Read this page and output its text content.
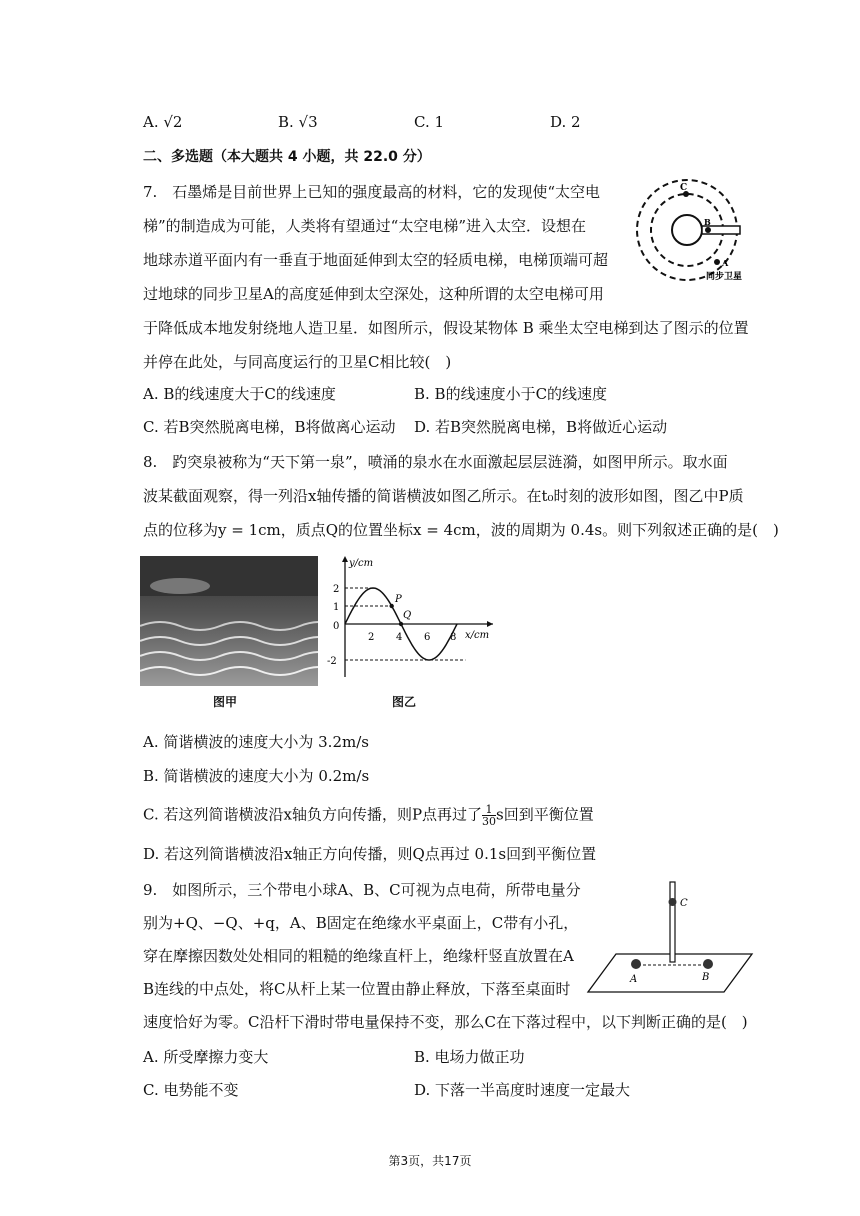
A. √2	B. √3	C. 1	D. 2
二、多选题（本大题共 4 小题，共 22.0 分）
7.　石墨烯是目前世界上已知的强度最高的材料，它的发现使“太空电
梯”的制造成为可能，人类将有望通过“太空电梯”进入太空．设想在
地球赤道平面内有一垂直于地面延伸到太空的轻质电梯，电梯顶端可超
过地球的同步卫星A的高度延伸到太空深处，这种所谓的太空电梯可用
于降低成本地发射绕地人造卫星．如图所示，假设某物体 B 乘坐太空电梯到达了图示的位置
并停在此处，与同高度运行的卫星C相比较(　)
C
B
A
同步卫星
A. B的线速度大于C的线速度	B. B的线速度小于C的线速度
C. 若B突然脱离电梯，B将做离心运动 D. 若B突然脱离电梯，B将做近心运动
8.　趵突泉被称为“天下第一泉”，喷涌的泉水在水面激起层层涟漪，如图甲所示。取水面
波某截面观察，得一列沿x轴传播的简谐横波如图乙所示。在t₀时刻的波形如图，图乙中P质
点的位移为y = 1cm，质点Q的位置坐标x = 4cm，波的周期为 0.4s。则下列叙述正确的是(　)
图甲
y/cm
x/cm
2
1
0
-2
2 4 6 8
P
Q
图乙
A. 简谐横波的速度大小为 3.2m/s
B. 简谐横波的速度大小为 0.2m/s
C. 若这列简谐横波沿x轴负方向传播，则P点再过了 $\frac{1}{30}$ s回到平衡位置
D. 若这列简谐横波沿x轴正方向传播，则Q点再过 0.1s回到平衡位置
9.　如图所示，三个带电小球A、B、C可视为点电荷，所带电量分
别为+Q、−Q、+q，A、B固定在绝缘水平桌面上，C带有小孔，
穿在摩擦因数处处相同的粗糙的绝缘直杆上，绝缘杆竖直放置在A
B连线的中点处，将C从杆上某一位置由静止释放，下落至桌面时
速度恰好为零。C沿杆下滑时带电量保持不变，那么C在下落过程中，以下判断正确的是(　)
C
A	B
A. 所受摩擦力变大	B. 电场力做正功
C. 电势能不变	D. 下落一半高度时速度一定最大
第3页，共17页
